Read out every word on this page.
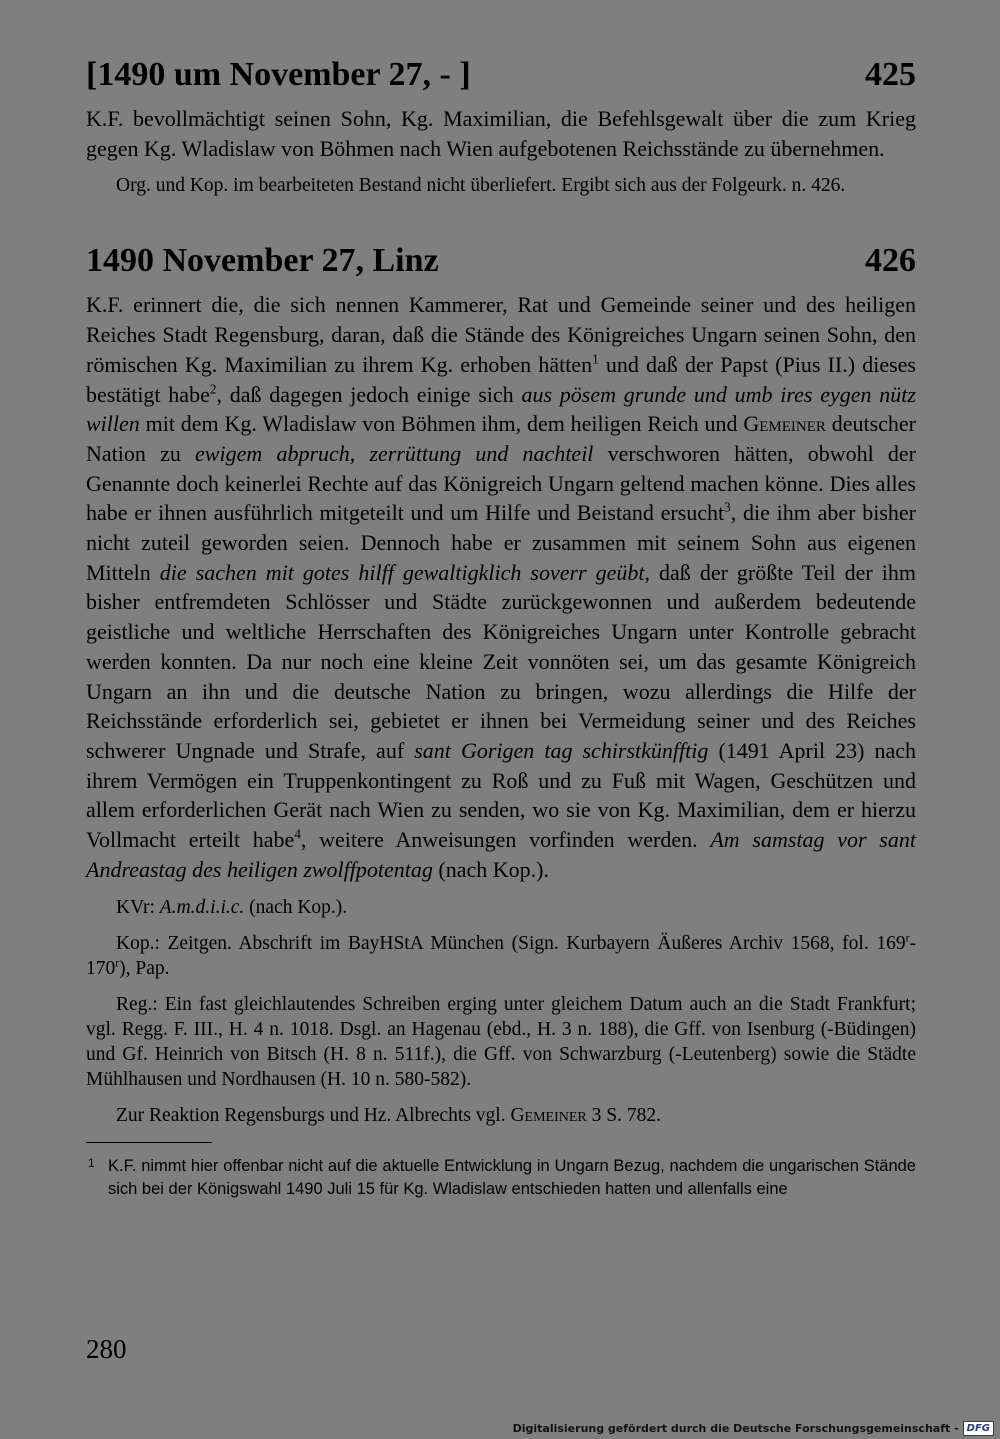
[1490 um November 27, - ]	425

K.F. bevollmächtigt seinen Sohn, Kg. Maximilian, die Befehlsgewalt über die zum Krieg gegen Kg. Wladislaw von Böhmen nach Wien aufgebotenen Reichsstände zu übernehmen.

Org. und Kop. im bearbeiteten Bestand nicht überliefert. Ergibt sich aus der Folgeurk. n. 426.

1490 November 27, Linz	426

K.F. erinnert die, die sich nennen Kammerer, Rat und Gemeinde seiner und des heiligen Reiches Stadt Regensburg, daran, daß die Stände des Königreiches Ungarn seinen Sohn, den römischen Kg. Maximilian zu ihrem Kg. erhoben hätten$^1$ und daß der Papst (Pius II.) dieses bestätigt habe$^2$, daß dagegen jedoch einige sich aus pösem grunde und umb ires eygen nütz willen mit dem Kg. Wladislaw von Böhmen ihm, dem heiligen Reich und Gemeiner deutscher Nation zu ewigem abpruch, zerrüttung und nachteil verschworen hätten, obwohl der Genannte doch keinerlei Rechte auf das Königreich Ungarn geltend machen könne. Dies alles habe er ihnen ausführlich mitgeteilt und um Hilfe und Beistand ersucht$^3$, die ihm aber bisher nicht zuteil geworden seien. Dennoch habe er zusammen mit seinem Sohn aus eigenen Mitteln die sachen mit gotes hilff gewaltigklich soverr geübt, daß der größte Teil der ihm bisher entfremdeten Schlösser und Städte zurückgewonnen und außerdem bedeutende geistliche und weltliche Herrschaften des Königreiches Ungarn unter Kontrolle gebracht werden konnten. Da nur noch eine kleine Zeit vonnöten sei, um das gesamte Königreich Ungarn an ihn und die deutsche Nation zu bringen, wozu allerdings die Hilfe der Reichsstände erforderlich sei, gebietet er ihnen bei Vermeidung seiner und des Reiches schwerer Ungnade und Strafe, auf sant Gorigen tag schirstkünfftig (1491 April 23) nach ihrem Vermögen ein Truppenkontingent zu Roß und zu Fuß mit Wagen, Geschützen und allem erforderlichen Gerät nach Wien zu senden, wo sie von Kg. Maximilian, dem er hierzu Vollmacht erteilt habe$^4$, weitere Anweisungen vorfinden werden. Am samstag vor sant Andreastag des heiligen zwolffpotentag (nach Kop.).

KVr: A.m.d.i.i.c. (nach Kop.).

Kop.: Zeitgen. Abschrift im BayHStA München (Sign. Kurbayern Äußeres Archiv 1568, fol. 169$^r$-170$^r$), Pap.

Reg.: Ein fast gleichlautendes Schreiben erging unter gleichem Datum auch an die Stadt Frankfurt; vgl. Regg. F. III., H. 4 n. 1018. Dsgl. an Hagenau (ebd., H. 3 n. 188), die Gff. von Isenburg (-Büdingen) und Gf. Heinrich von Bitsch (H. 8 n. 511f.), die Gff. von Schwarzburg (-Leutenberg) sowie die Städte Mühlhausen und Nordhausen (H. 10 n. 580-582).

Zur Reaktion Regensburgs und Hz. Albrechts vgl. Gemeiner 3 S. 782.

1 K.F. nimmt hier offenbar nicht auf die aktuelle Entwicklung in Ungarn Bezug, nachdem die ungarischen Stände sich bei der Königswahl 1490 Juli 15 für Kg. Wladislaw entschieden hatten und allenfalls eine
280
Digitalisierung gefördert durch die Deutsche Forschungsgemeinschaft - DFG
